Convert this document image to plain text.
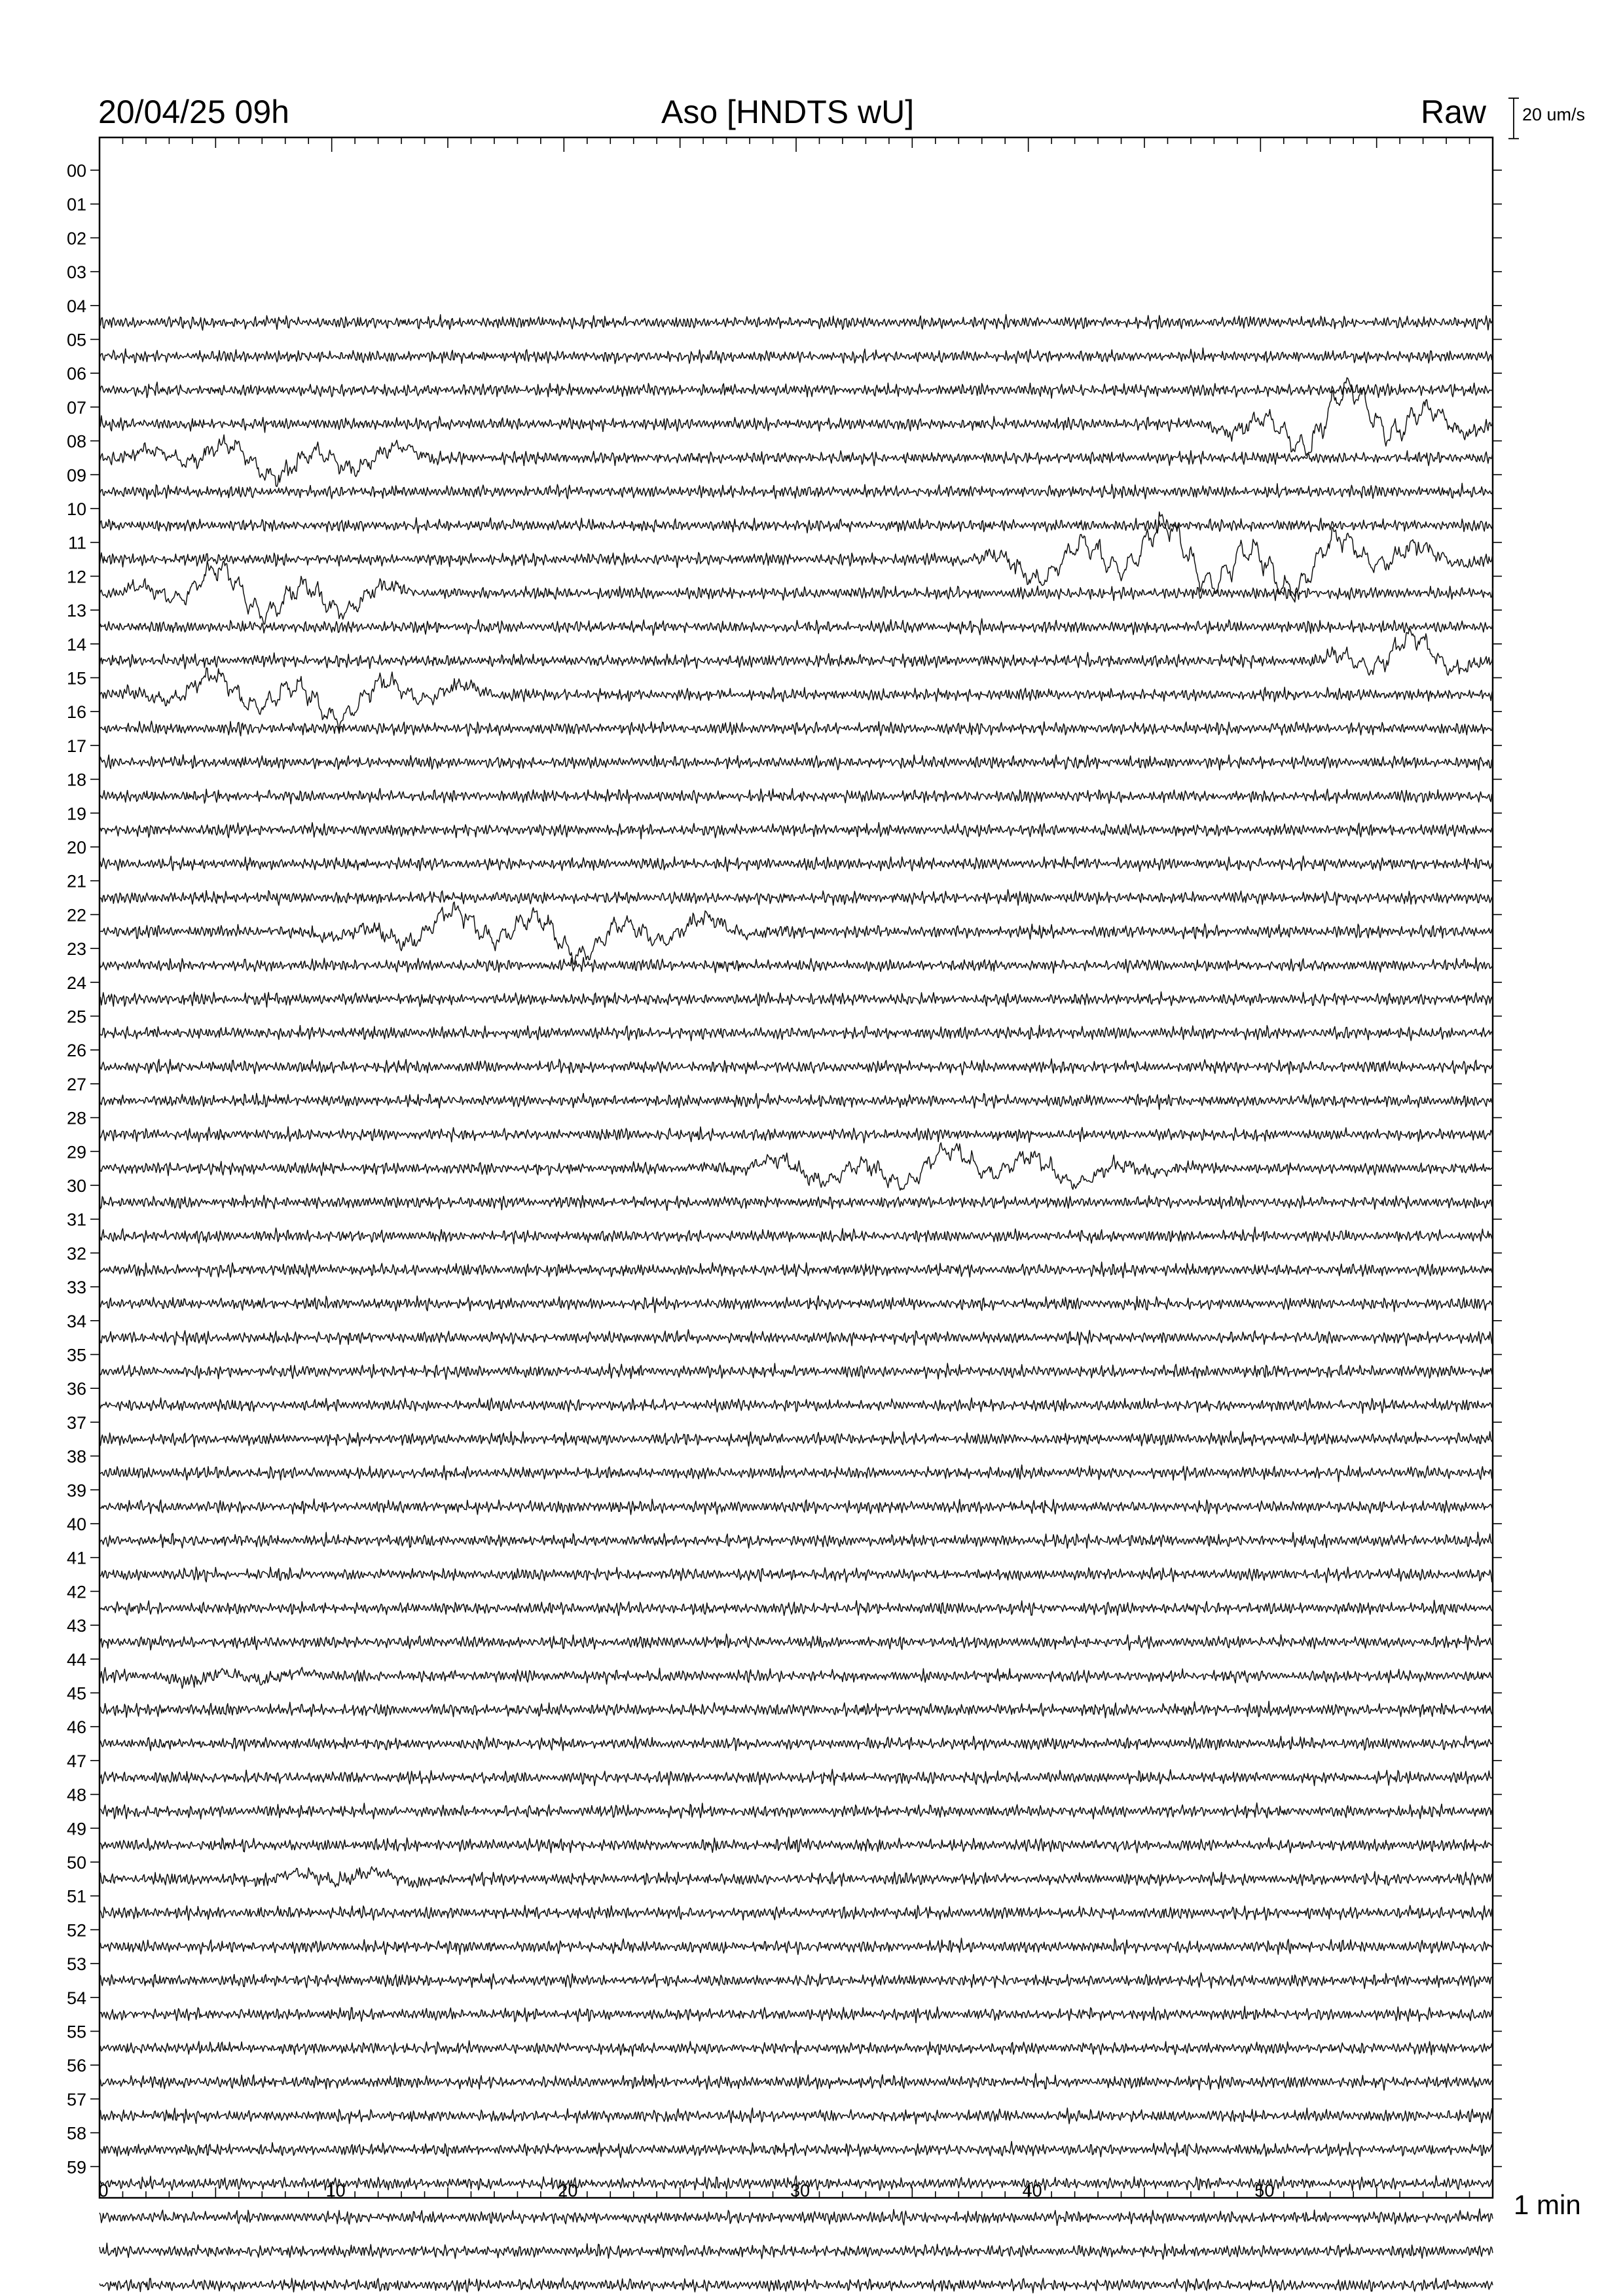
00
01
02
03
04
05
06
07
08
09
10
11
12
13
14
15
16
17
18
19
20
21
22
23
24
25
26
27
28
29
30
31
32
33
34
35
36
37
38
39
40
41
42
43
44
45
46
47
48
49
50
51
52
53
54
55
56
57
58
59
0	10	20	30	40	50
20/04/25 09h	Aso [HNDTS wU]	Raw 20 um/s
1 min
